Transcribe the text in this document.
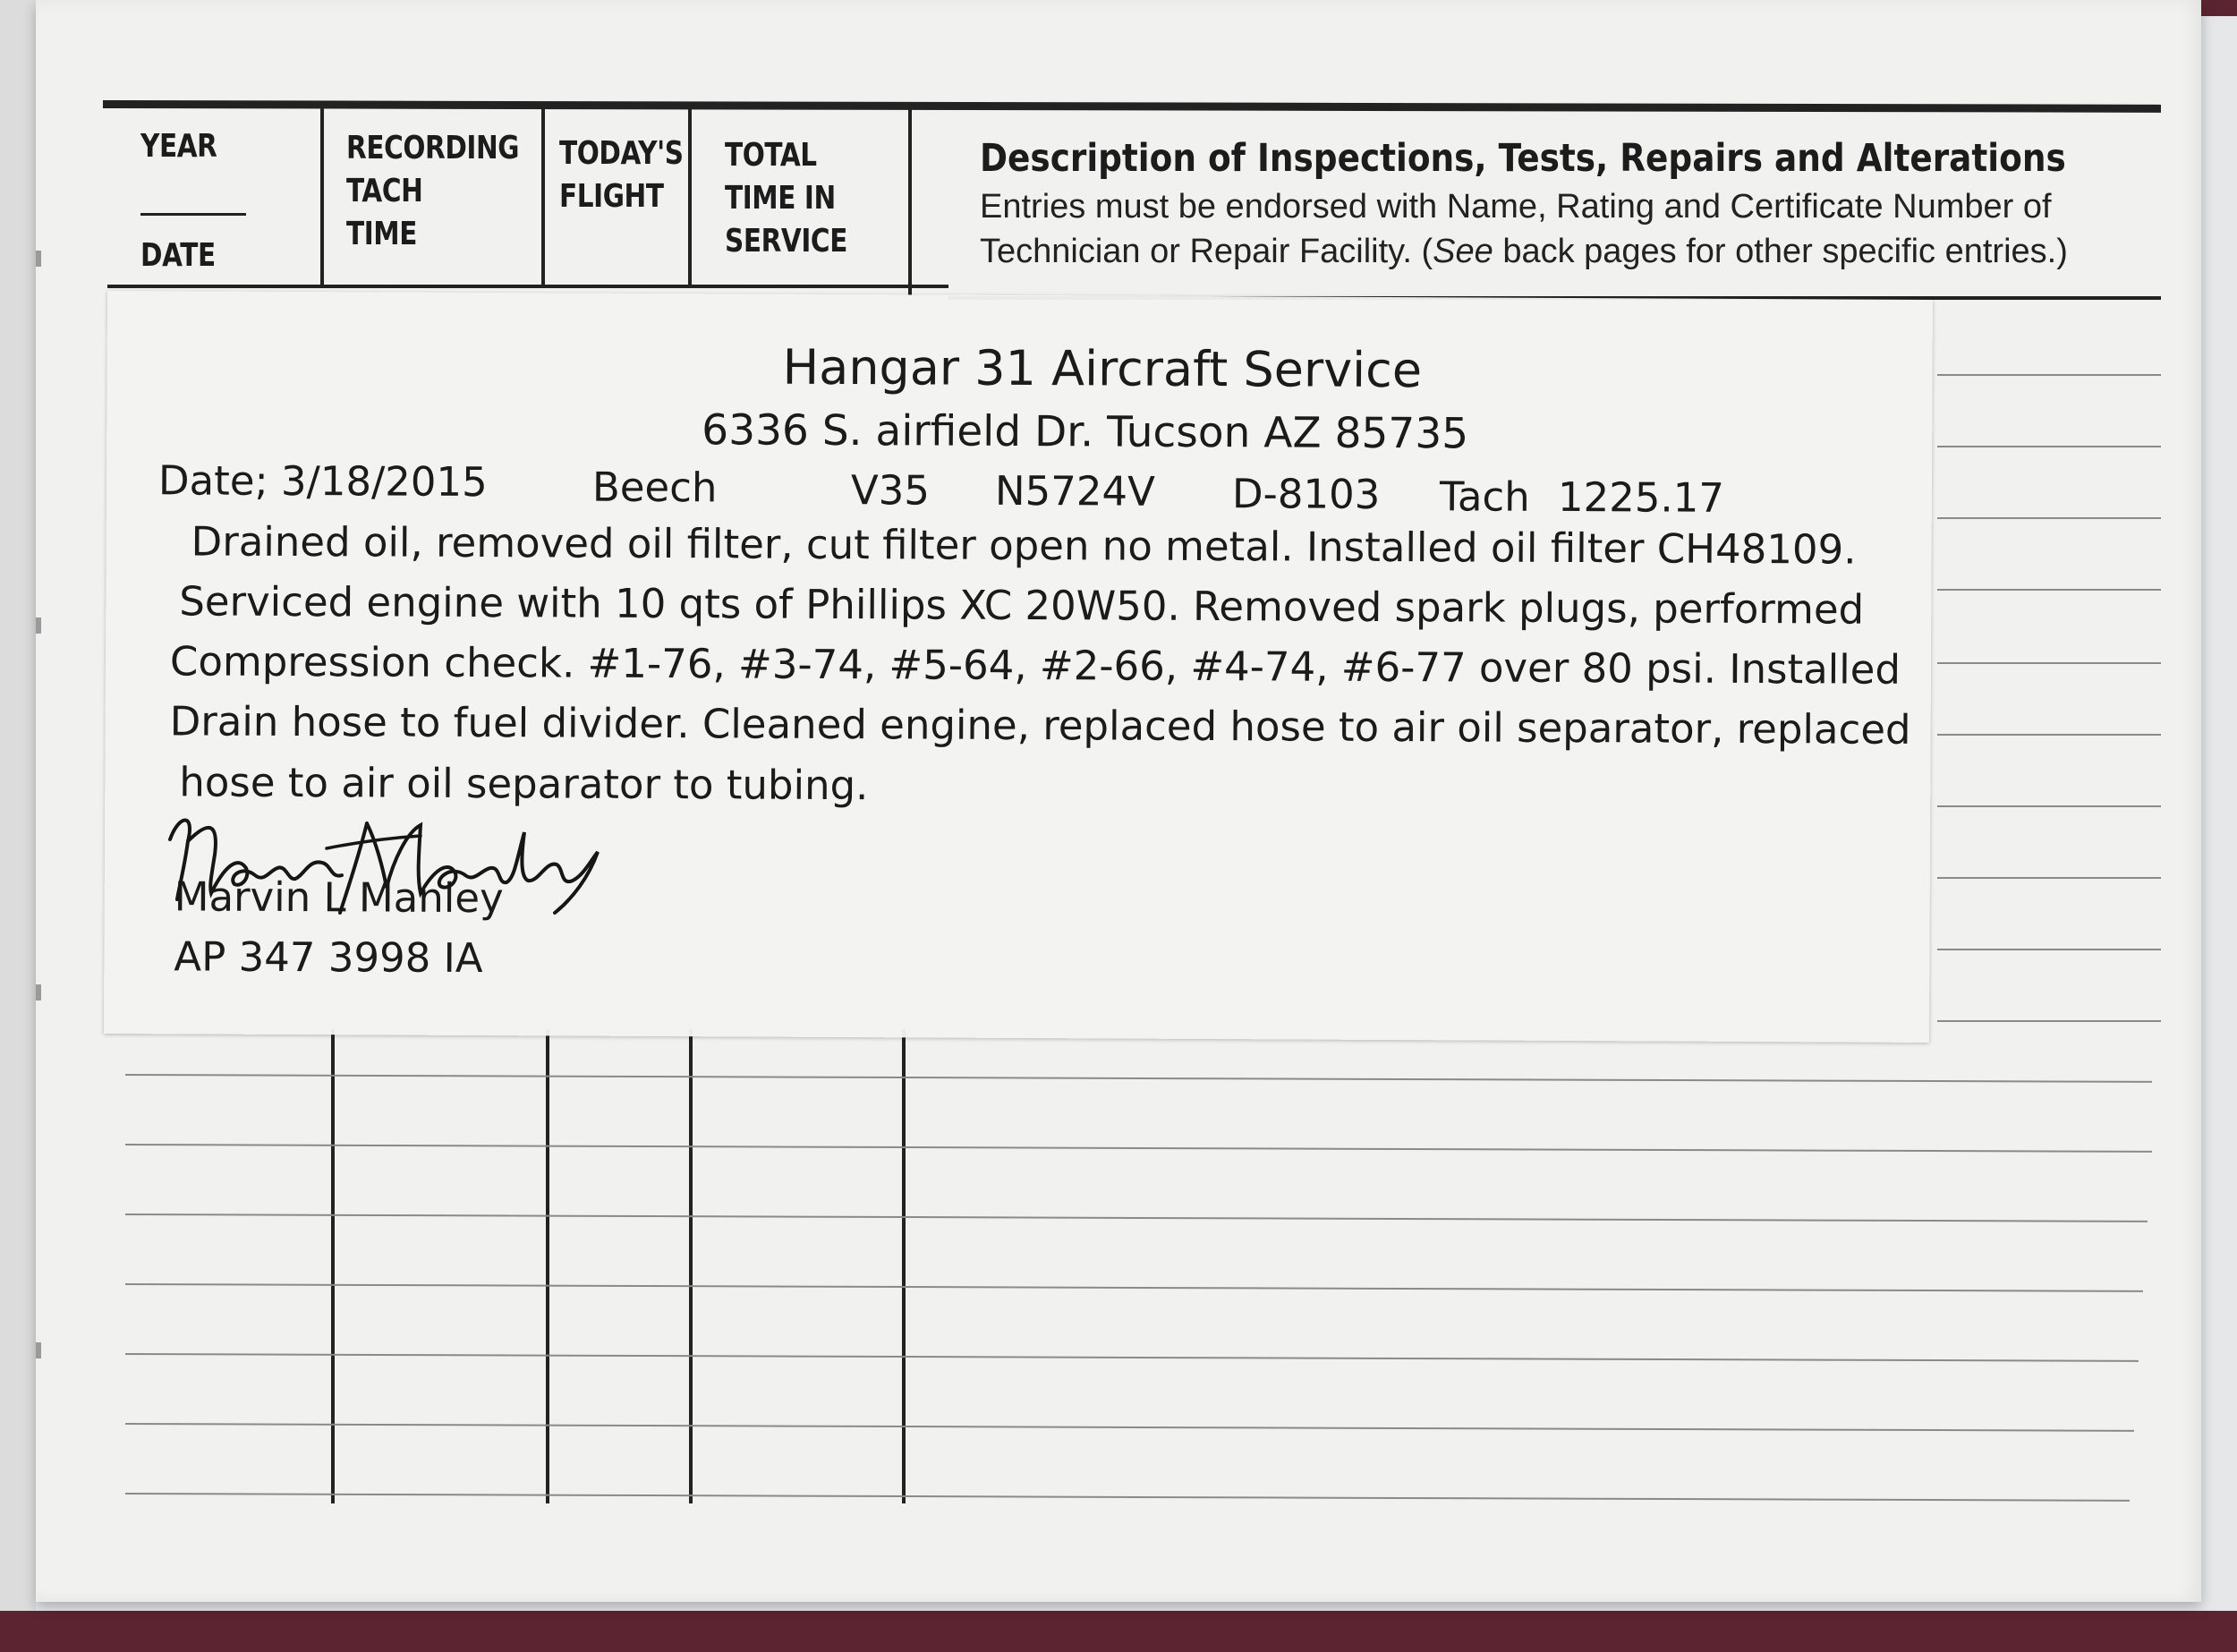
YEAR
DATE
RECORDING
TACH
TIME
TODAY'S
FLIGHT
TOTAL
TIME IN
SERVICE
Description of Inspections, Tests, Repairs and Alterations
Entries must be endorsed with Name, Rating and Certificate Number of
Technician or Repair Facility. (See back pages for other specific entries.)
Hangar 31 Aircraft Service
6336 S. airfield Dr. Tucson AZ 85735
Date; 3/18/2015	Beech	V35 N5724V D-8103 Tach 1225.17
Drained oil, removed oil filter, cut filter open no metal. Installed oil filter CH48109.
Serviced engine with 10 qts of Phillips XC 20W50. Removed spark plugs, performed
Compression check. #1-76, #3-74, #5-64, #2-66, #4-74, #6-77 over 80 psi. Installed
Drain hose to fuel divider. Cleaned engine, replaced hose to air oil separator, replaced
hose to air oil separator to tubing.
Marvin L Manley
AP 347 3998 IA
